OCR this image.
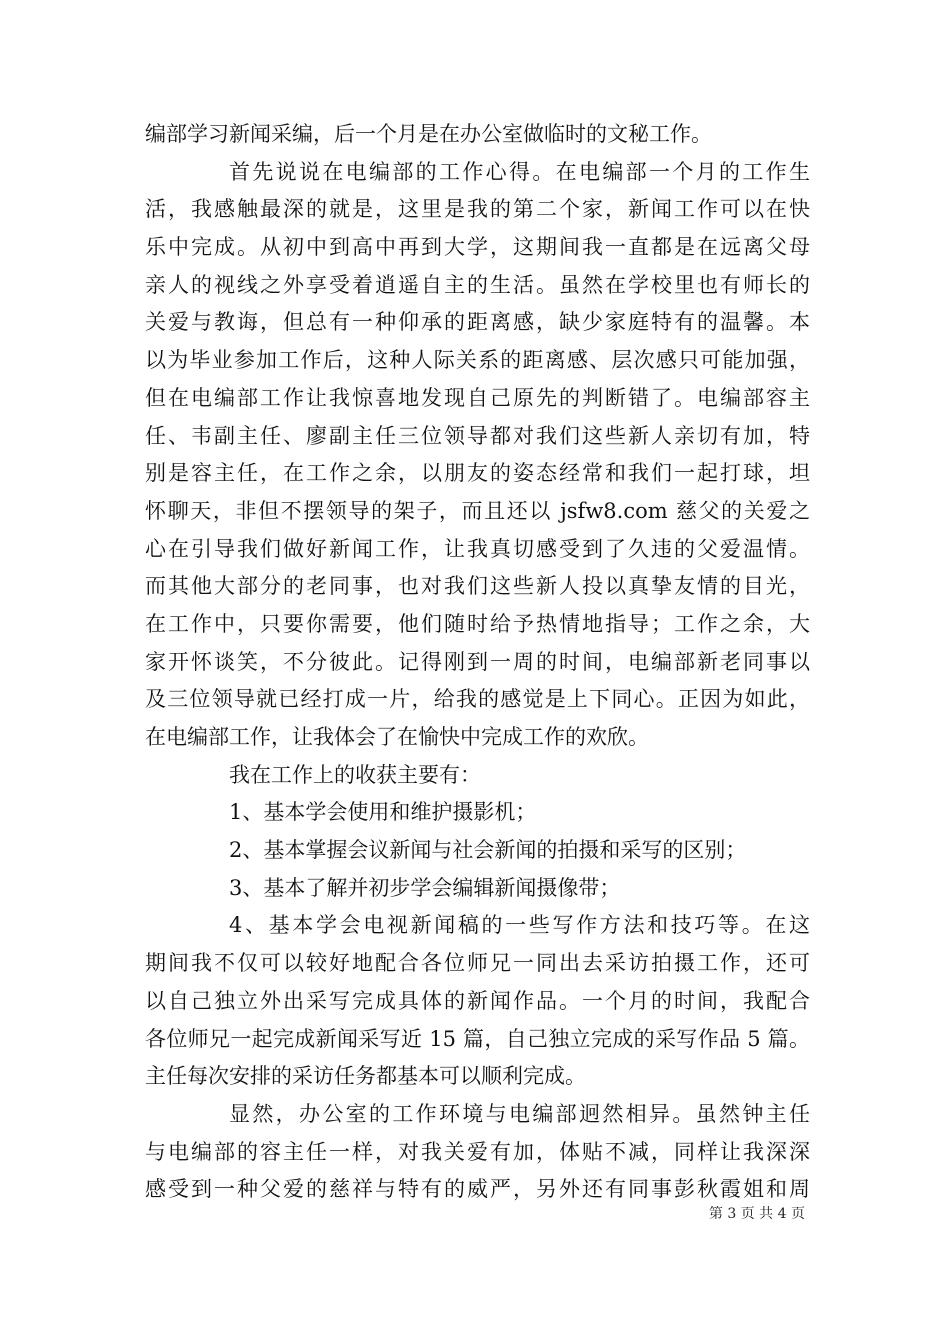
编部学习新闻采编，后一个月是在办公室做临时的文秘工作。
首先说说在电编部的工作心得。在电编部一个月的工作生
活，我感触最深的就是，这里是我的第二个家，新闻工作可以在快
乐中完成。从初中到高中再到大学，这期间我一直都是在远离父母
亲人的视线之外享受着逍遥自主的生活。虽然在学校里也有师长的
关爱与教诲，但总有一种仰承的距离感，缺少家庭特有的温馨。本
以为毕业参加工作后，这种人际关系的距离感、层次感只可能加强，
但在电编部工作让我惊喜地发现自己原先的判断错了。电编部容主
任、韦副主任、廖副主任三位领导都对我们这些新人亲切有加，特
别是容主任，在工作之余，以朋友的姿态经常和我们一起打球，坦
怀聊天，非但不摆领导的架子，而且还以 jsfw8.com 慈父的关爱之
心在引导我们做好新闻工作，让我真切感受到了久违的父爱温情。
而其他大部分的老同事，也对我们这些新人投以真挚友情的目光，
在工作中，只要你需要，他们随时给予热情地指导；工作之余，大
家开怀谈笑，不分彼此。记得刚到一周的时间，电编部新老同事以
及三位领导就已经打成一片，给我的感觉是上下同心。正因为如此，
在电编部工作，让我体会了在愉快中完成工作的欢欣。
我在工作上的收获主要有：
1、基本学会使用和维护摄影机；
2、基本掌握会议新闻与社会新闻的拍摄和采写的区别；
3、基本了解并初步学会编辑新闻摄像带；
4、基本学会电视新闻稿的一些写作方法和技巧等。在这
期间我不仅可以较好地配合各位师兄一同出去采访拍摄工作，还可
以自己独立外出采写完成具体的新闻作品。一个月的时间，我配合
各位师兄一起完成新闻采写近 15 篇，自己独立完成的采写作品 5 篇。
主任每次安排的采访任务都基本可以顺利完成。
显然，办公室的工作环境与电编部迥然相异。虽然钟主任
与电编部的容主任一样，对我关爱有加，体贴不减，同样让我深深
感受到一种父爱的慈祥与特有的威严，另外还有同事彭秋霞姐和周
第 3 页 共 4 页
